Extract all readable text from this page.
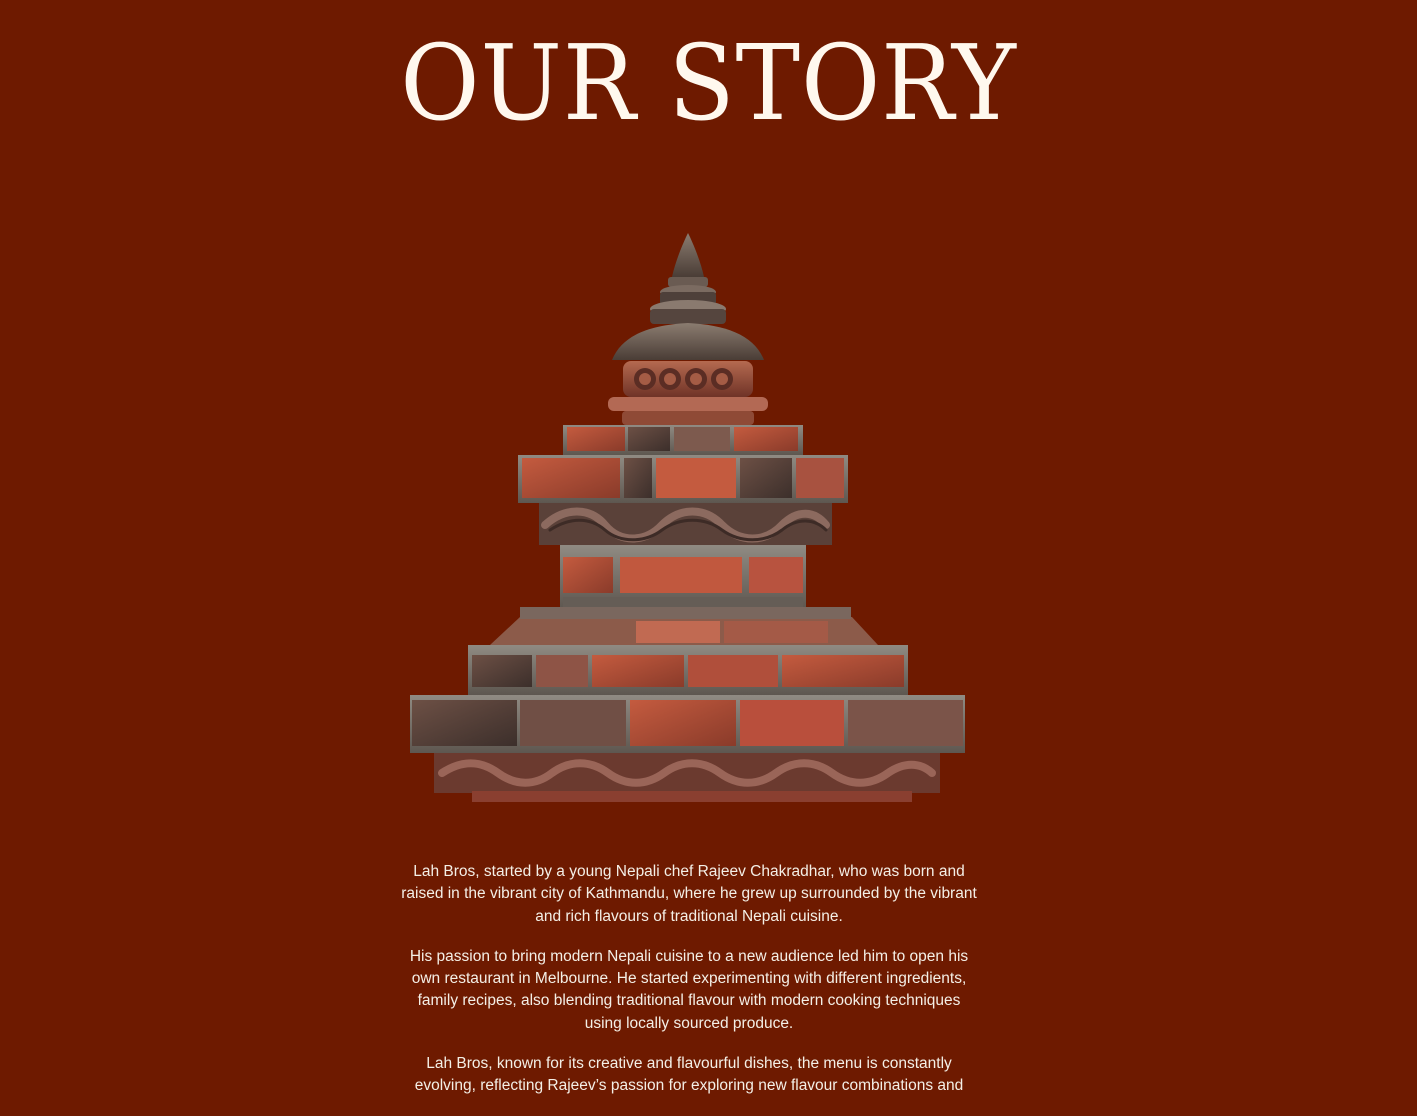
OUR STORY

Lah Bros, started by a young Nepali chef Rajeev Chakradhar, who was born and raised in the vibrant city of Kathmandu, where he grew up surrounded by the vibrant and rich flavours of traditional Nepali cuisine.

His passion to bring modern Nepali cuisine to a new audience led him to open his own restaurant in Melbourne. He started experimenting with different ingredients, family recipes, also blending traditional flavour with modern cooking techniques using locally sourced produce.

Lah Bros, known for its creative and flavourful dishes, the menu is constantly evolving, reflecting Rajeev’s passion for exploring new flavour combinations and
